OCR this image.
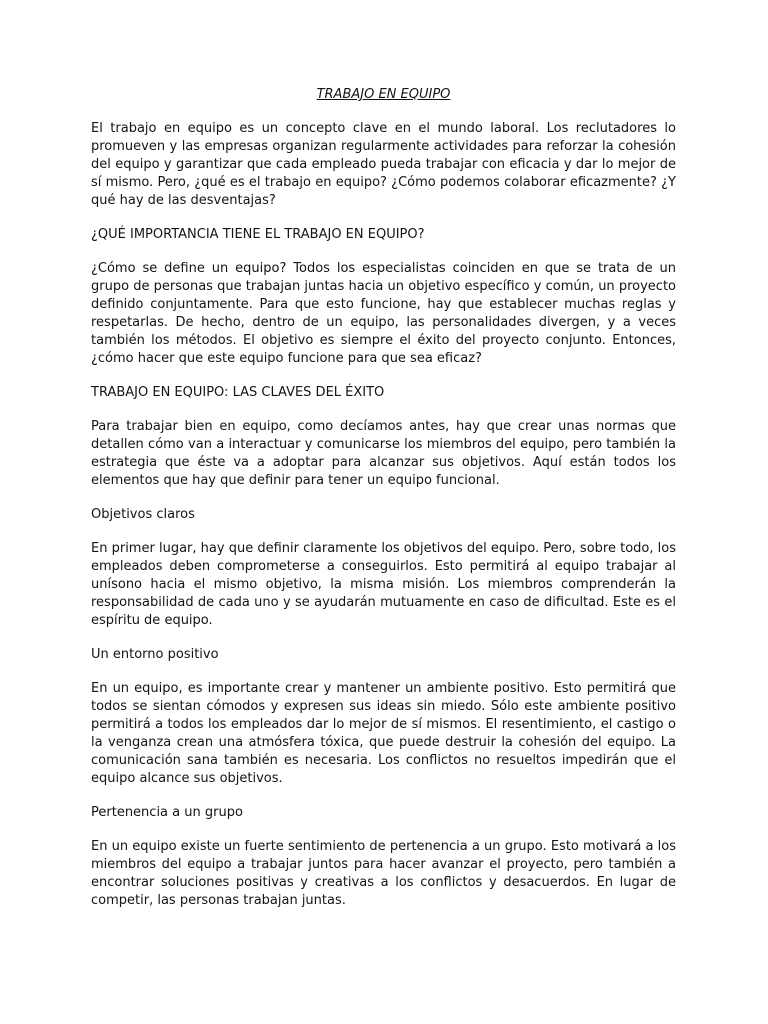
TRABAJO EN EQUIPO
El trabajo en equipo es un concepto clave en el mundo laboral. Los reclutadores lo promueven y las empresas organizan regularmente actividades para reforzar la cohesión del equipo y garantizar que cada empleado pueda trabajar con eficacia y dar lo mejor de sí mismo. Pero, ¿qué es el trabajo en equipo? ¿Cómo podemos colaborar eficazmente? ¿Y qué hay de las desventajas?
¿QUÉ IMPORTANCIA TIENE EL TRABAJO EN EQUIPO?
¿Cómo se define un equipo? Todos los especialistas coinciden en que se trata de un grupo de personas que trabajan juntas hacia un objetivo específico y común, un proyecto definido conjuntamente. Para que esto funcione, hay que establecer muchas reglas y respetarlas. De hecho, dentro de un equipo, las personalidades divergen, y a veces también los métodos. El objetivo es siempre el éxito del proyecto conjunto. Entonces, ¿cómo hacer que este equipo funcione para que sea eficaz?
TRABAJO EN EQUIPO: LAS CLAVES DEL ÉXITO
Para trabajar bien en equipo, como decíamos antes, hay que crear unas normas que detallen cómo van a interactuar y comunicarse los miembros del equipo, pero también la estrategia que éste va a adoptar para alcanzar sus objetivos. Aquí están todos los elementos que hay que definir para tener un equipo funcional.
Objetivos claros
En primer lugar, hay que definir claramente los objetivos del equipo. Pero, sobre todo, los empleados deben comprometerse a conseguirlos. Esto permitirá al equipo trabajar al unísono hacia el mismo objetivo, la misma misión. Los miembros comprenderán la responsabilidad de cada uno y se ayudarán mutuamente en caso de dificultad. Este es el espíritu de equipo.
Un entorno positivo
En un equipo, es importante crear y mantener un ambiente positivo. Esto permitirá que todos se sientan cómodos y expresen sus ideas sin miedo. Sólo este ambiente positivo permitirá a todos los empleados dar lo mejor de sí mismos. El resentimiento, el castigo o la venganza crean una atmósfera tóxica, que puede destruir la cohesión del equipo. La comunicación sana también es necesaria. Los conflictos no resueltos impedirán que el equipo alcance sus objetivos.
Pertenencia a un grupo
En un equipo existe un fuerte sentimiento de pertenencia a un grupo. Esto motivará a los miembros del equipo a trabajar juntos para hacer avanzar el proyecto, pero también a encontrar soluciones positivas y creativas a los conflictos y desacuerdos. En lugar de competir, las personas trabajan juntas.
